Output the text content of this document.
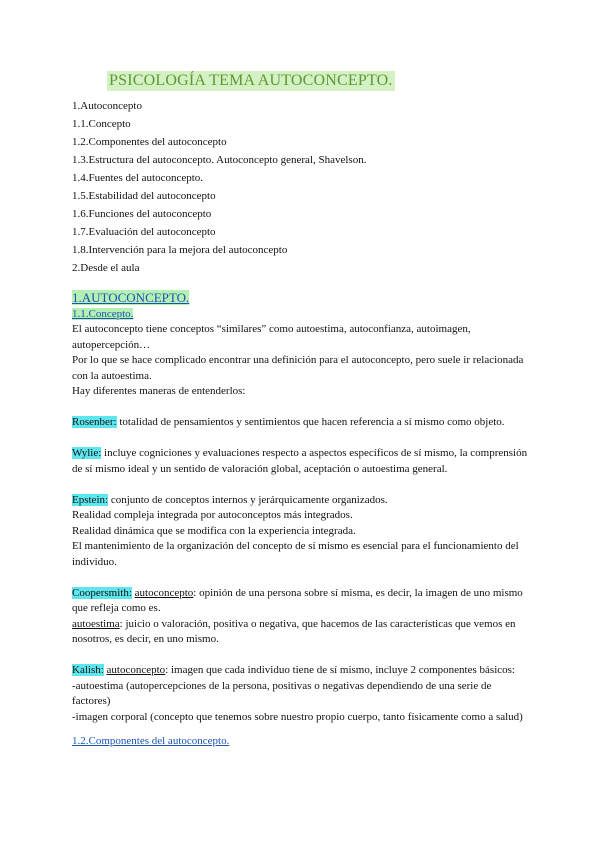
PSICOLOGÍA TEMA AUTOCONCEPTO.
1.Autoconcepto
1.1.Concepto
1.2.Componentes del autoconcepto
1.3.Estructura del autoconcepto. Autoconcepto general, Shavelson.
1.4.Fuentes del autoconcepto.
1.5.Estabilidad del autoconcepto
1.6.Funciones del autoconcepto
1.7.Evaluación del autoconcepto
1.8.Intervención para la mejora del autoconcepto
2.Desde el aula
1.AUTOCONCEPTO.
1.1.Concepto.

El autoconcepto tiene conceptos “similares” como autoestima, autoconfianza, autoimagen, autopercepción…

Por lo que se hace complicado encontrar una definición para el autoconcepto, pero suele ir relacionada con la autoestima.

Hay diferentes maneras de entenderlos:

Rosenber: totalidad de pensamientos y sentimientos que hacen referencia a sí mismo como objeto.

Wylie: incluye cogniciones y evaluaciones respecto a aspectos específicos de sí mismo, la comprensión de sí mismo ideal y un sentido de valoración global, aceptación o autoestima general.

Epstein: conjunto de conceptos internos y jerárquicamente organizados.

Realidad compleja integrada por autoconceptos más integrados.

Realidad dinámica que se modifica con la experiencia integrada.

El mantenimiento de la organización del concepto de sí mismo es esencial para el funcionamiento del individuo.

Coopersmith: autoconcepto: opinión de una persona sobre sí misma, es decir, la imagen de uno mismo que refleja como es.

autoestima: juicio o valoración, positiva o negativa, que hacemos de las características que vemos en nosotros, es decir, en uno mismo.

Kalish: autoconcepto: imagen que cada individuo tiene de sí mismo, incluye 2 componentes básicos:

-autoestima (autopercepciones de la persona, positivas o negativas dependiendo de una serie de factores)

-imagen corporal (concepto que tenemos sobre nuestro propio cuerpo, tanto físicamente como a salud)

1.2.Componentes del autoconcepto.
